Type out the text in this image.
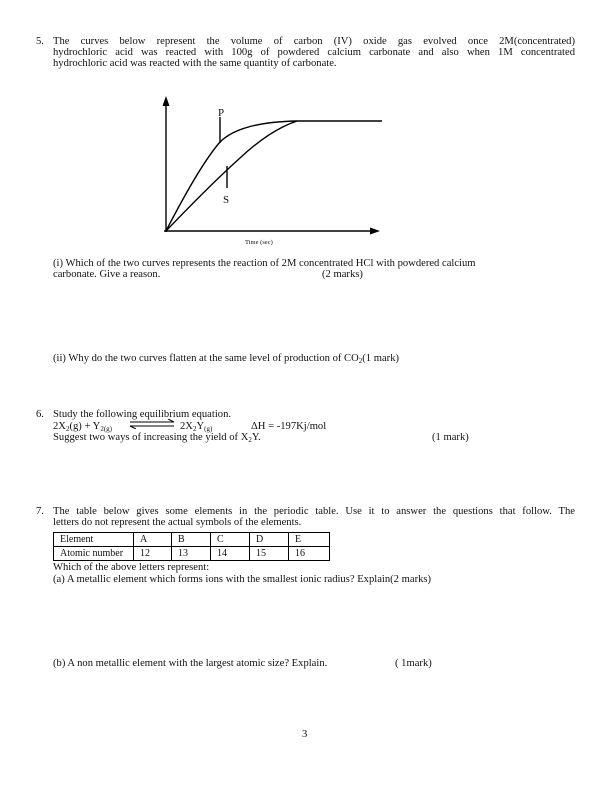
5. The curves below represent the volume of carbon (IV) oxide gas evolved once 2M(concentrated)
hydrochloric acid was reacted with 100g of powdered calcium carbonate and also when 1M concentrated
hydrochloric acid was reacted with the same quantity of carbonate.
P
S
Time (sec)
(i) Which of the two curves represents the reaction of 2M concentrated HCl with powdered calcium
carbonate. Give a reason.	(2 marks)
(ii) Why do the two curves flatten at the same level of production of $CO_2(1$ mark)
6. Study the following equilibrium equation.
$2X_2(g) + Y_{2(g)}$	$2X_2Y_{(g)}$	ΔH = -197Kj/mol
Suggest two ways of increasing the yield of $X_2Y$.	(1 mark)
7. The table below gives some elements in the periodic table. Use it to answer the questions that follow. The
letters do not represent the actual symbols of the elements.
Element	A	B	C	D	E
Atomic number	12	13	14	15	16
Which of the above letters represent:
(a) A metallic element which forms ions with the smallest ionic radius? Explain(2 marks)
(b) A non metallic element with the largest atomic size? Explain.	( 1mark)
3
